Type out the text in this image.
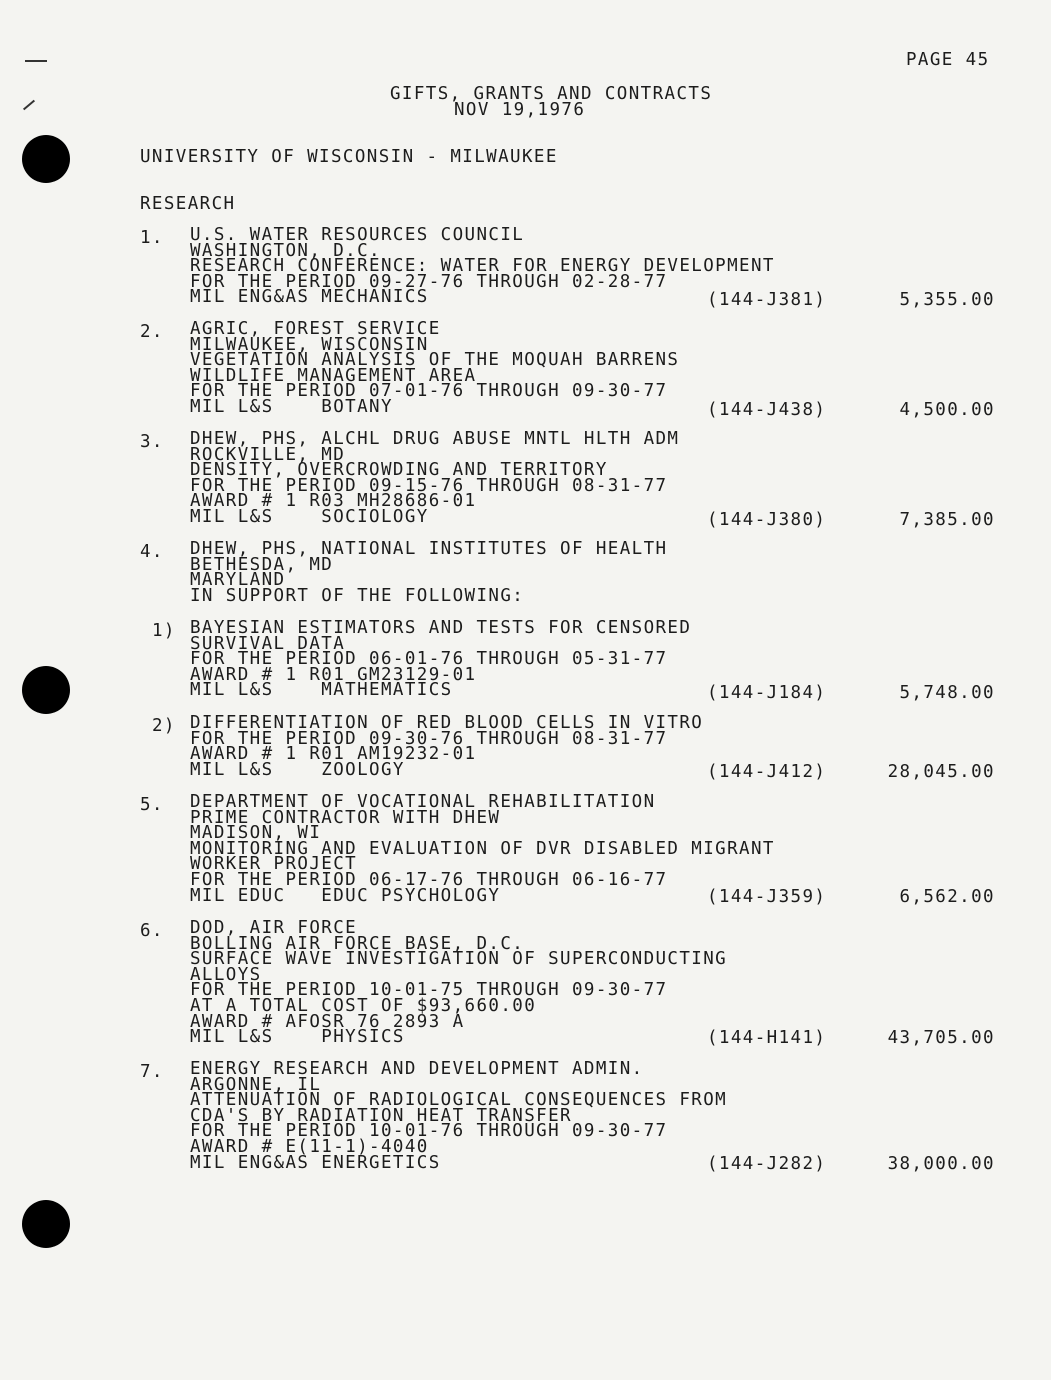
PAGE 45
GIFTS, GRANTS AND CONTRACTS
NOV 19,1976
UNIVERSITY OF WISCONSIN - MILWAUKEE
RESEARCH
1. U.S. WATER RESOURCES COUNCIL
WASHINGTON, D.C.
RESEARCH CONFERENCE: WATER FOR ENERGY DEVELOPMENT
FOR THE PERIOD 09-27-76 THROUGH 02-28-77
MIL ENG&AS MECHANICS	(144-J381)	5,355.00
2. AGRIC, FOREST SERVICE
MILWAUKEE, WISCONSIN
VEGETATION ANALYSIS OF THE MOQUAH BARRENS
WILDLIFE MANAGEMENT AREA
FOR THE PERIOD 07-01-76 THROUGH 09-30-77
MIL L&S    BOTANY	(144-J438)	4,500.00
3. DHEW, PHS, ALCHL DRUG ABUSE MNTL HLTH ADM
ROCKVILLE, MD
DENSITY, OVERCROWDING AND TERRITORY
FOR THE PERIOD 09-15-76 THROUGH 08-31-77
AWARD # 1 R03 MH28686-01
MIL L&S    SOCIOLOGY	(144-J380)	7,385.00
4. DHEW, PHS, NATIONAL INSTITUTES OF HEALTH
BETHESDA, MD
MARYLAND
IN SUPPORT OF THE FOLLOWING:
1) BAYESIAN ESTIMATORS AND TESTS FOR CENSORED
SURVIVAL DATA
FOR THE PERIOD 06-01-76 THROUGH 05-31-77
AWARD # 1 R01 GM23129-01
MIL L&S    MATHEMATICS	(144-J184)	5,748.00
2) DIFFERENTIATION OF RED BLOOD CELLS IN VITRO
FOR THE PERIOD 09-30-76 THROUGH 08-31-77
AWARD # 1 R01 AM19232-01
MIL L&S    ZOOLOGY	(144-J412)	28,045.00
5. DEPARTMENT OF VOCATIONAL REHABILITATION
PRIME CONTRACTOR WITH DHEW
MADISON, WI
MONITORING AND EVALUATION OF DVR DISABLED MIGRANT
WORKER PROJECT
FOR THE PERIOD 06-17-76 THROUGH 06-16-77
MIL EDUC   EDUC PSYCHOLOGY	(144-J359)	6,562.00
6. DOD, AIR FORCE
BOLLING AIR FORCE BASE, D.C.
SURFACE WAVE INVESTIGATION OF SUPERCONDUCTING
ALLOYS
FOR THE PERIOD 10-01-75 THROUGH 09-30-77
AT A TOTAL COST OF $93,660.00
AWARD # AFOSR 76 2893 A
MIL L&S    PHYSICS	(144-H141)	43,705.00
7. ENERGY RESEARCH AND DEVELOPMENT ADMIN.
ARGONNE, IL
ATTENUATION OF RADIOLOGICAL CONSEQUENCES FROM
CDA'S BY RADIATION HEAT TRANSFER
FOR THE PERIOD 10-01-76 THROUGH 09-30-77
AWARD # E(11-1)-4040
MIL ENG&AS ENERGETICS	(144-J282)	38,000.00
